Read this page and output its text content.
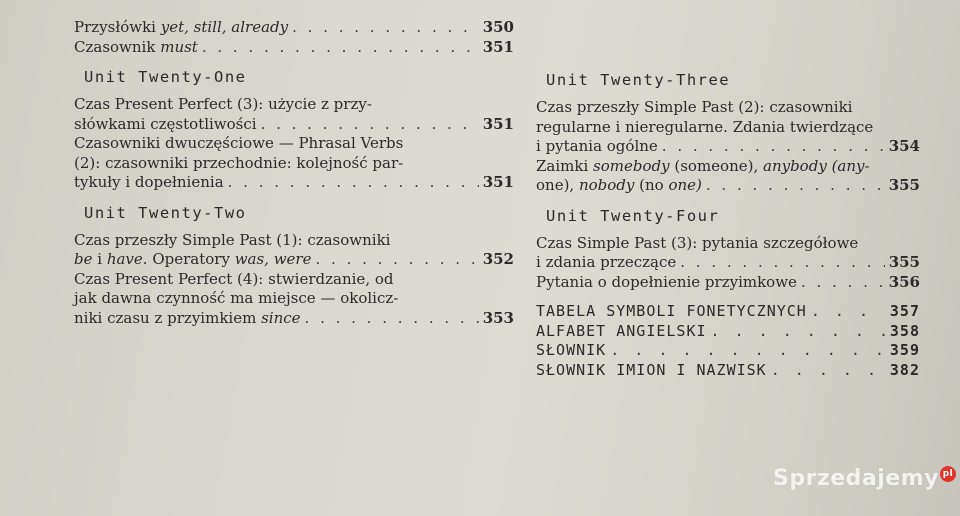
Przysłówki yet, still, already . . .	350
Czasownik must . . .	351
Unit Twenty-One
Czas Present Perfect (3): użycie z przy-
słówkami częstotliwości . . .	351
Czasowniki dwuczęściowe — Phrasal Verbs
(2): czasowniki przechodnie: kolejność par-
tykuły i dopełnienia . . .	351
Unit Twenty-Two
Czas przeszły Simple Past (1): czasowniki
be i have. Operatory was, were . . .	352
Czas Present Perfect (4): stwierdzanie, od
jak dawna czynność ma miejsce — okolicz-
niki czasu z przyimkiem since . . .	353
Unit Twenty-Three
Czas przeszły Simple Past (2): czasowniki
regularne i nieregularne. Zdania twierdzące
i pytania ogólne . . .	354
Zaimki somebody (someone), anybody (any-
one), nobody (no one) . . .	355
Unit Twenty-Four
Czas Simple Past (3): pytania szczegółowe
i zdania przeczące . . .	355
Pytania o dopełnienie przyimkowe . . .	356
TABELA SYMBOLI FONETYCZNYCH . . .	357
ALFABET ANGIELSKI . . .	358
SŁOWNIK . . .	359
SŁOWNIK IMION I NAZWISK . . .	382
Sprzedajemy pl
